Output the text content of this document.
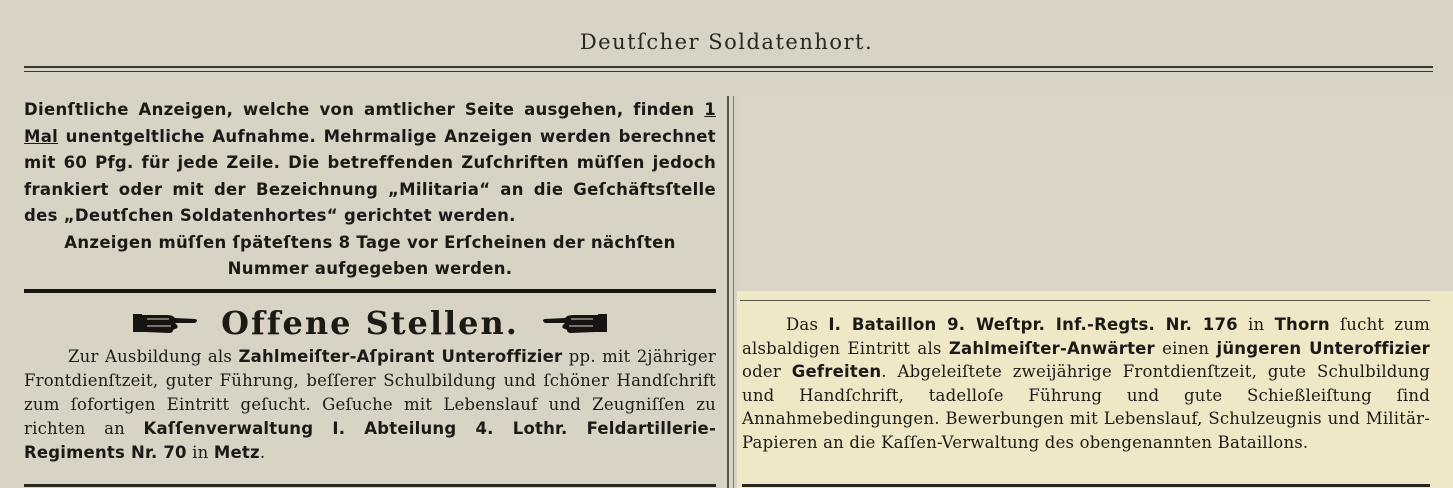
Deutſcher Soldatenhort.

Dienſtliche Anzeigen, welche von amtlicher Seite ausgehen, finden 1 Mal unentgeltliche Aufnahme. Mehrmalige Anzeigen werden berechnet mit 60 Pfg. für jede Zeile. Die betreffenden Zuſchriften müſſen jedoch frankiert oder mit der Bezeichnung „Militaria“ an die Geſchäftsſtelle des „Deutſchen Soldatenhortes“ gerichtet werden.

Anzeigen müſſen ſpäteſtens 8 Tage vor Erſcheinen der nächſten Nummer aufgegeben werden.

Offene Stellen.

Zur Ausbildung als Zahlmeiſter-Aſpirant Unteroffizier pp. mit 2jähriger Frontdienſtzeit, guter Führung, beſſerer Schulbildung und ſchöner Handſchrift zum ſofortigen Eintritt geſucht. Geſuche mit Lebenslauf und Zeugniſſen zu richten an Kaſſenverwaltung I. Abteilung 4. Lothr. Feldartillerie-Regiments Nr. 70 in Metz.

Das I. Bataillon 9. Weſtpr. Inf.-Regts. Nr. 176 in Thorn ſucht zum alsbaldigen Eintritt als Zahlmeiſter-Anwärter einen jüngeren Unteroffizier oder Gefreiten. Abgeleiſtete zweijährige Frontdienſtzeit, gute Schulbildung und Handſchrift, tadelloſe Führung und gute Schießleiſtung ſind Annahmebedingungen. Bewerbungen mit Lebenslauf, Schulzeugnis und Militär-Papieren an die Kaſſen-Verwaltung des obengenannten Bataillons.
